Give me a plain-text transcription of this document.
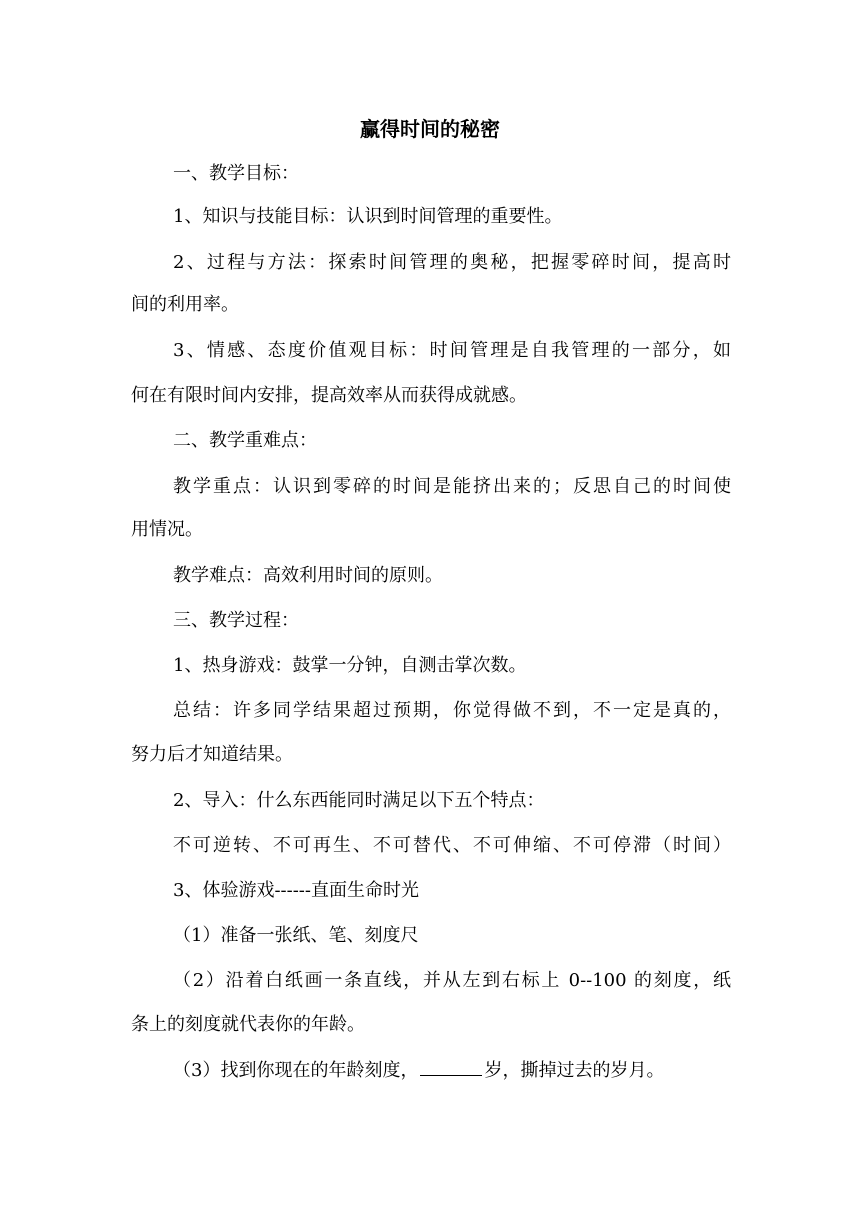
赢得时间的秘密
一、教学目标：
1、知识与技能目标：认识到时间管理的重要性。
2、过程与方法：探索时间管理的奥秘，把握零碎时间，提高时
间的利用率。
3、情感、态度价值观目标：时间管理是自我管理的一部分，如
何在有限时间内安排，提高效率从而获得成就感。
二、教学重难点：
教学重点：认识到零碎的时间是能挤出来的；反思自己的时间使
用情况。
教学难点：高效利用时间的原则。
三、教学过程：
1、热身游戏：鼓掌一分钟，自测击掌次数。
总结：许多同学结果超过预期，你觉得做不到，不一定是真的，
努力后才知道结果。
2、导入：什么东西能同时满足以下五个特点：
不可逆转、不可再生、不可替代、不可伸缩、不可停滞（时间）
3、体验游戏------直面生命时光
（1）准备一张纸、笔、刻度尺
（2）沿着白纸画一条直线，并从左到右标上 0--100 的刻度，纸
条上的刻度就代表你的年龄。
（3）找到你现在的年龄刻度，	岁，撕掉过去的岁月。
